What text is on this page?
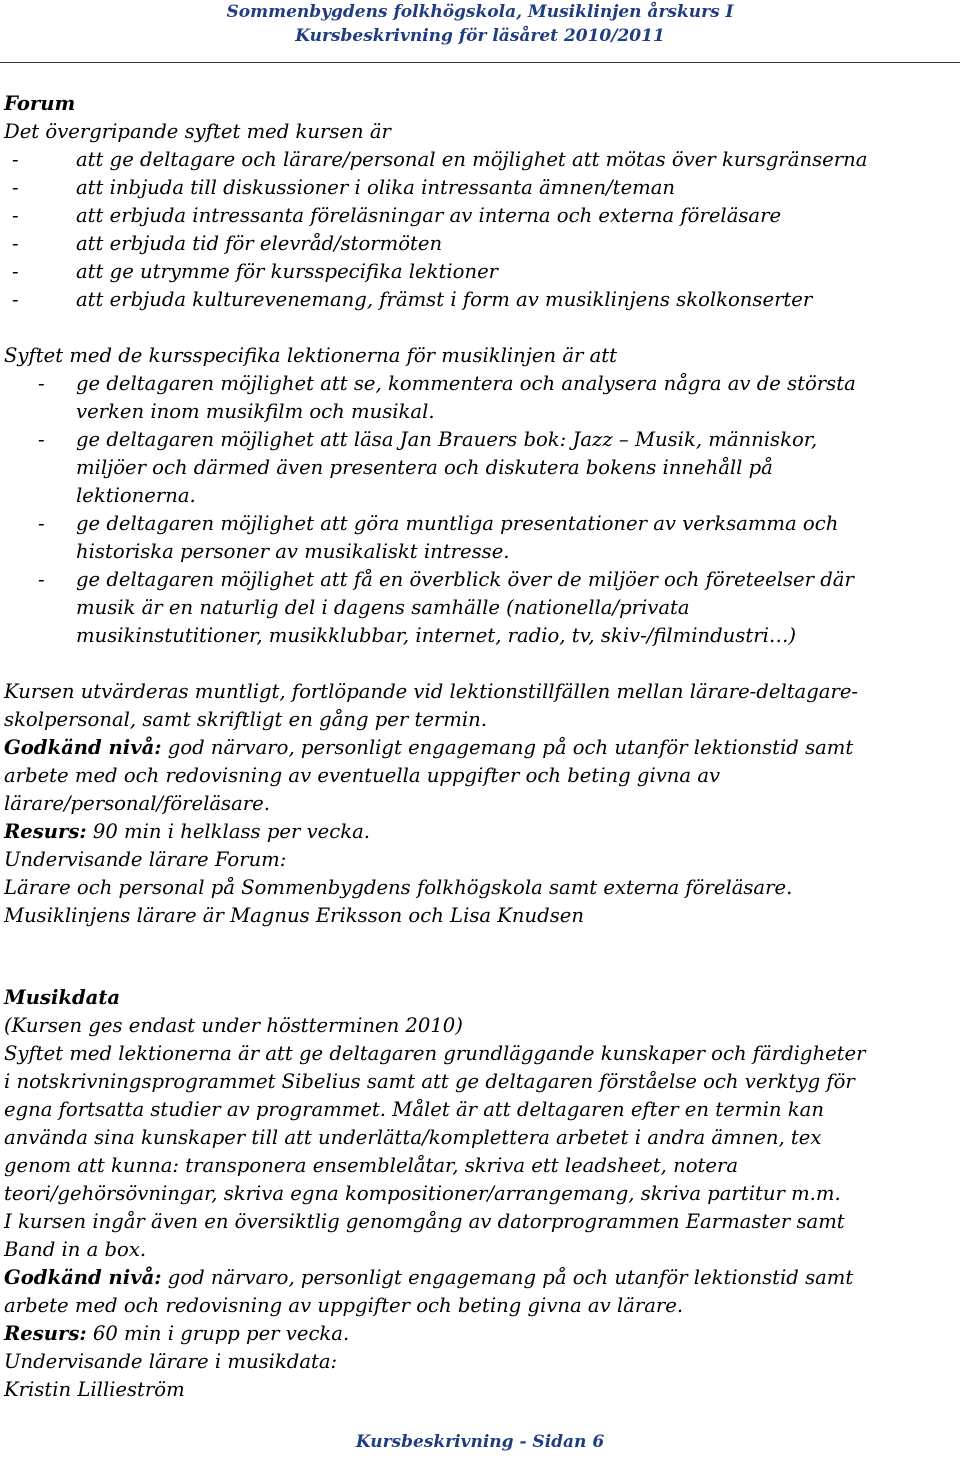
Sommenbygdens folkhögskola, Musiklinjen årskurs I
Kursbeskrivning för läsåret 2010/2011
Forum
Det övergripande syftet med kursen är
-	att ge deltagare och lärare/personal en möjlighet att mötas över kursgränserna
-	att inbjuda till diskussioner i olika intressanta ämnen/teman
-	att erbjuda intressanta föreläsningar av interna och externa föreläsare
-	att erbjuda tid för elevråd/stormöten
-	att ge utrymme för kursspecifika lektioner
-	att erbjuda kulturevenemang, främst i form av musiklinjens skolkonserter
Syftet med de kursspecifika lektionerna för musiklinjen är att
- ge deltagaren möjlighet att se, kommentera och analysera några av de största
verken inom musikfilm och musikal.
- ge deltagaren möjlighet att läsa Jan Brauers bok: Jazz – Musik, människor,
miljöer och därmed även presentera och diskutera bokens innehåll på
lektionerna.
- ge deltagaren möjlighet att göra muntliga presentationer av verksamma och
historiska personer av musikaliskt intresse.
- ge deltagaren möjlighet att få en överblick över de miljöer och företeelser där
musik är en naturlig del i dagens samhälle (nationella/privata
musikinstutitioner, musikklubbar, internet, radio, tv, skiv-/filmindustri…)
Kursen utvärderas muntligt, fortlöpande vid lektionstillfällen mellan lärare-deltagare-
skolpersonal, samt skriftligt en gång per termin.
Godkänd nivå: god närvaro, personligt engagemang på och utanför lektionstid samt
arbete med och redovisning av eventuella uppgifter och beting givna av
lärare/personal/föreläsare.
Resurs: 90 min i helklass per vecka.
Undervisande lärare Forum:
Lärare och personal på Sommenbygdens folkhögskola samt externa föreläsare.
Musiklinjens lärare är Magnus Eriksson och Lisa Knudsen
Musikdata
(Kursen ges endast under höstterminen 2010)
Syftet med lektionerna är att ge deltagaren grundläggande kunskaper och färdigheter
i notskrivningsprogrammet Sibelius samt att ge deltagaren förståelse och verktyg för
egna fortsatta studier av programmet. Målet är att deltagaren efter en termin kan
använda sina kunskaper till att underlätta/komplettera arbetet i andra ämnen, tex
genom att kunna: transponera ensemblelåtar, skriva ett leadsheet, notera
teori/gehörsövningar, skriva egna kompositioner/arrangemang, skriva partitur m.m.
I kursen ingår även en översiktlig genomgång av datorprogrammen Earmaster samt
Band in a box.
Godkänd nivå: god närvaro, personligt engagemang på och utanför lektionstid samt
arbete med och redovisning av uppgifter och beting givna av lärare.
Resurs: 60 min i grupp per vecka.
Undervisande lärare i musikdata:
Kristin Lillieström
Kursbeskrivning - Sidan 6
